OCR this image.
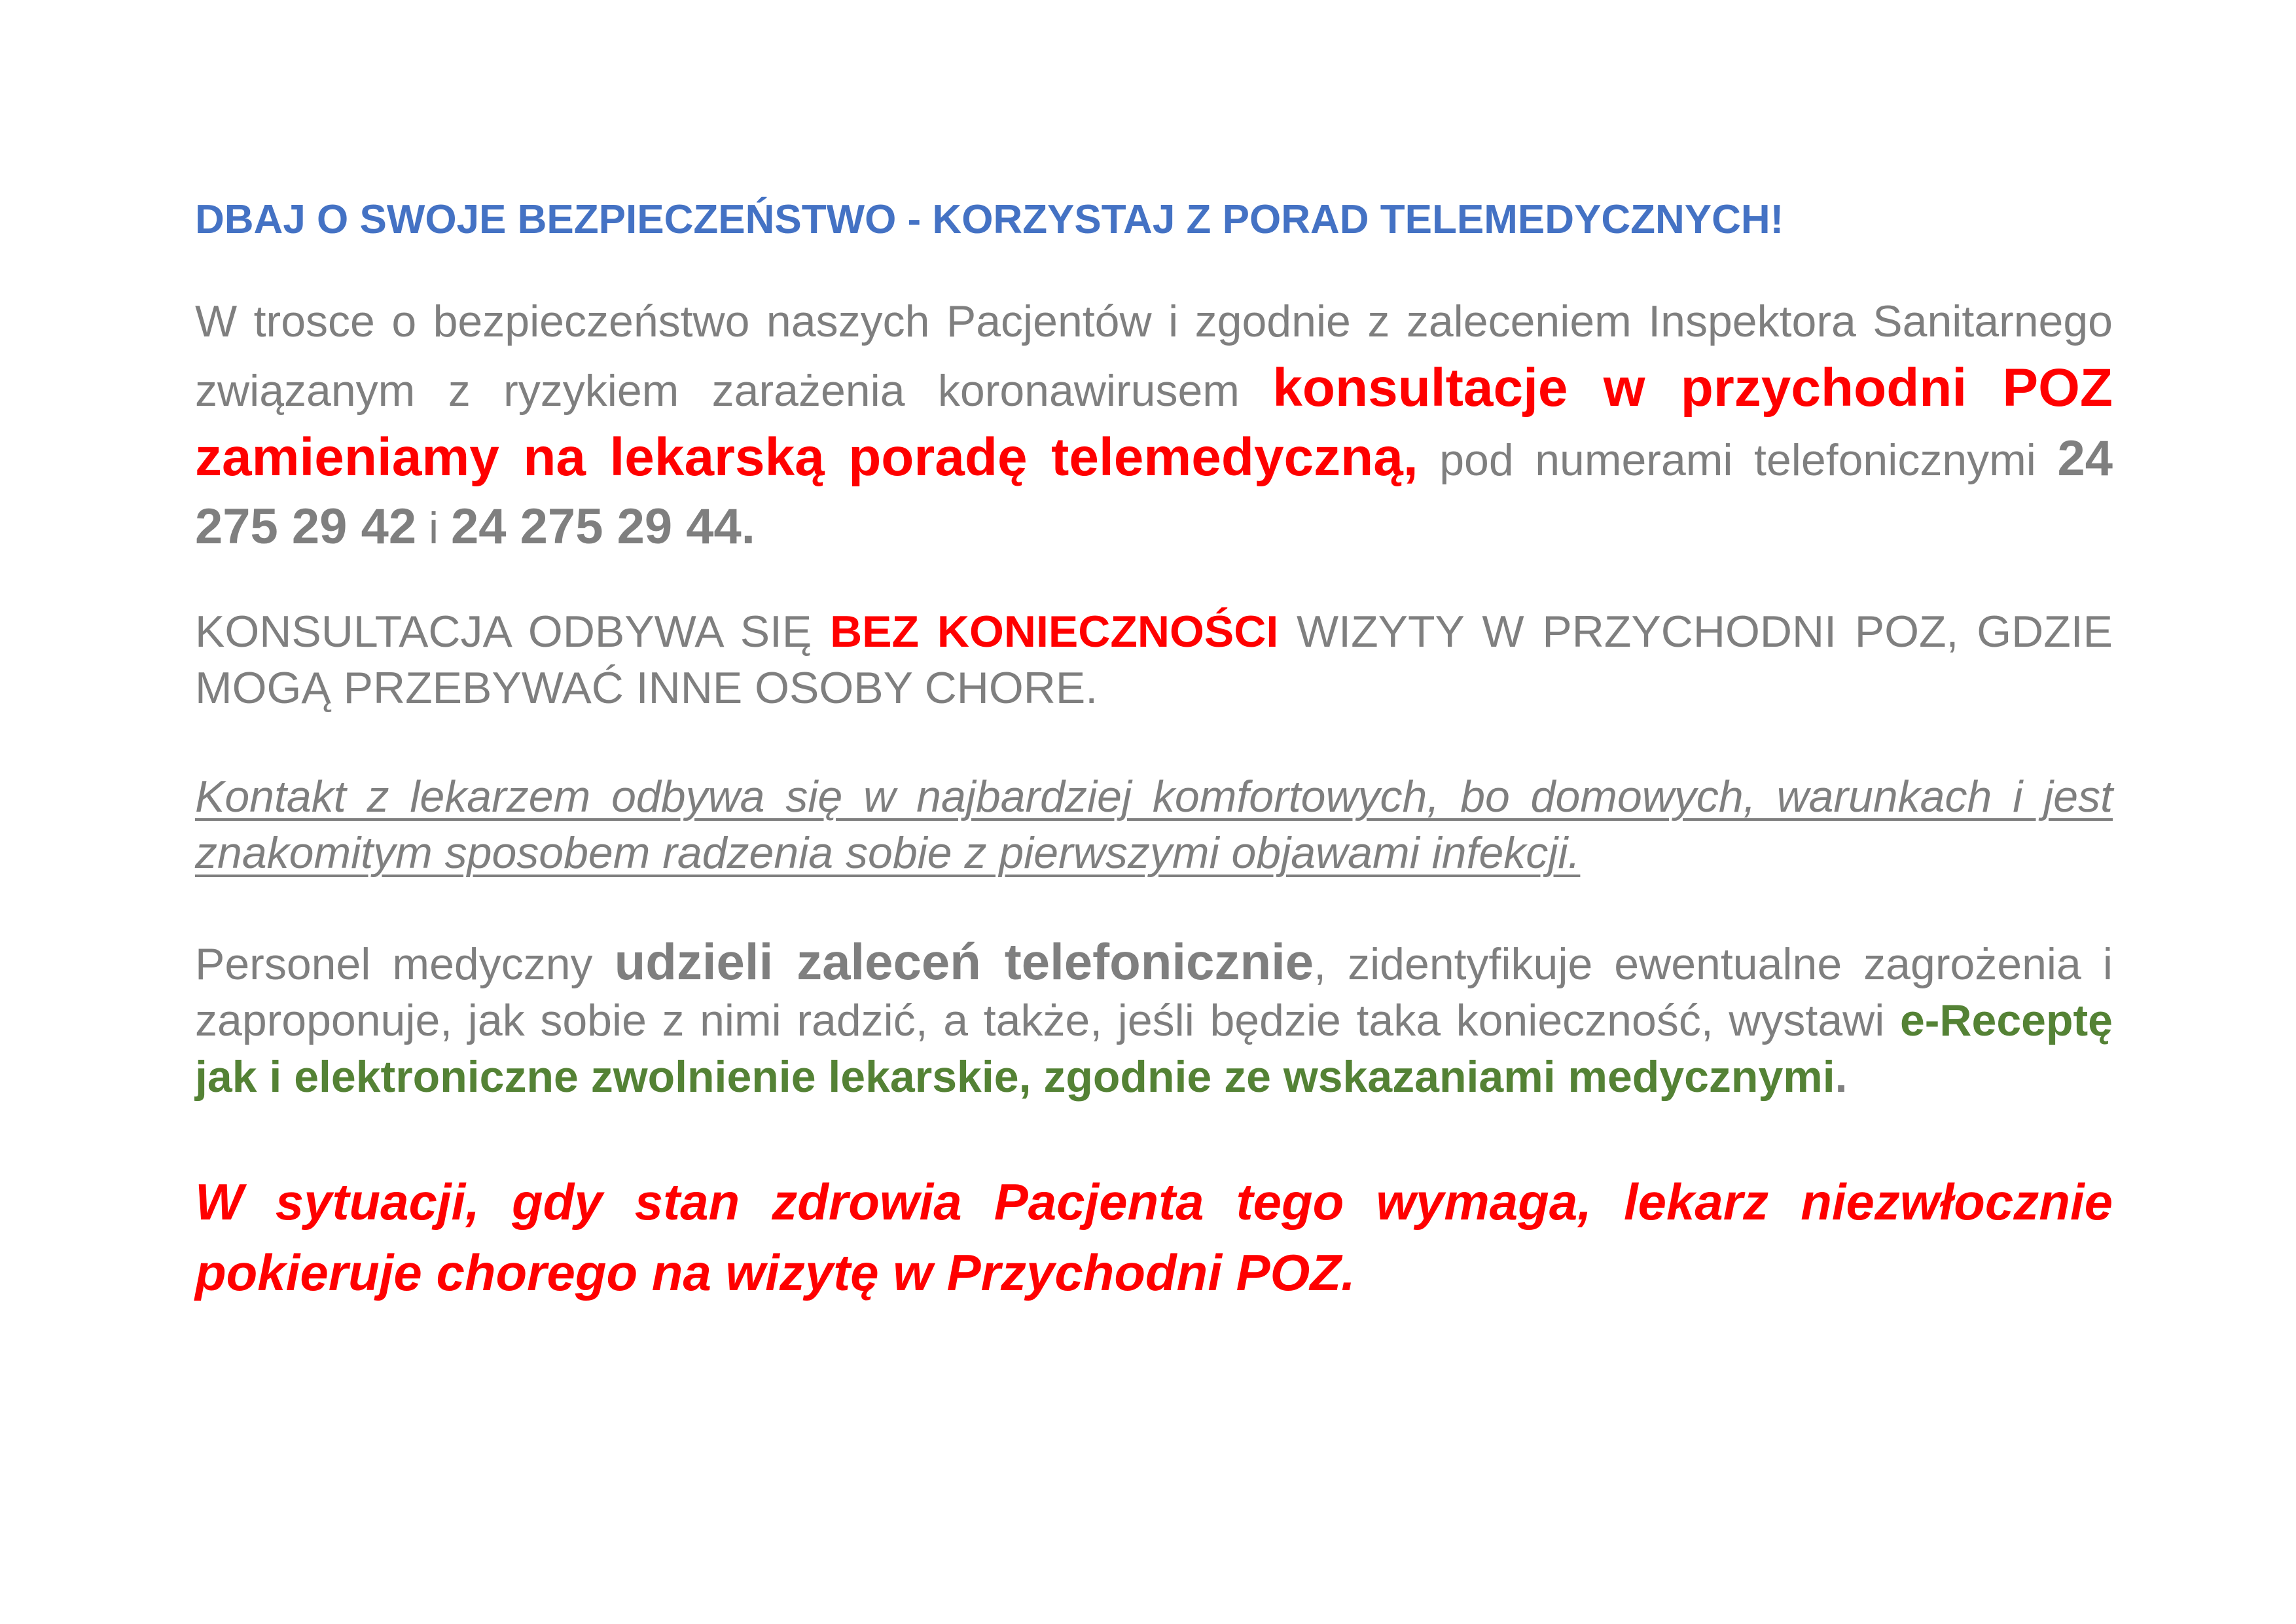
DBAJ O SWOJE BEZPIECZEŃSTWO - KORZYSTAJ Z PORAD TELEMEDYCZNYCH!

W trosce o bezpieczeństwo naszych Pacjentów i zgodnie z zaleceniem Inspektora Sanitarnego związanym z ryzykiem zarażenia koronawirusem konsultacje w przychodni POZ zamieniamy na lekarską poradę telemedyczną, pod numerami telefonicznymi 24 275 29 42 i 24 275 29 44.

KONSULTACJA ODBYWA SIĘ BEZ KONIECZNOŚCI WIZYTY W PRZYCHODNI POZ, GDZIE MOGĄ PRZEBYWAĆ INNE OSOBY CHORE.

Kontakt z lekarzem odbywa się w najbardziej komfortowych, bo domowych, warunkach i jest znakomitym sposobem radzenia sobie z pierwszymi objawami infekcji.

Personel medyczny udzieli zaleceń telefonicznie, zidentyfikuje ewentualne zagrożenia i zaproponuje, jak sobie z nimi radzić, a także, jeśli będzie taka konieczność, wystawi e-Receptę jak i elektroniczne zwolnienie lekarskie, zgodnie ze wskazaniami medycznymi.

W sytuacji, gdy stan zdrowia Pacjenta tego wymaga, lekarz niezwłocznie pokieruje chorego na wizytę w Przychodni POZ.
